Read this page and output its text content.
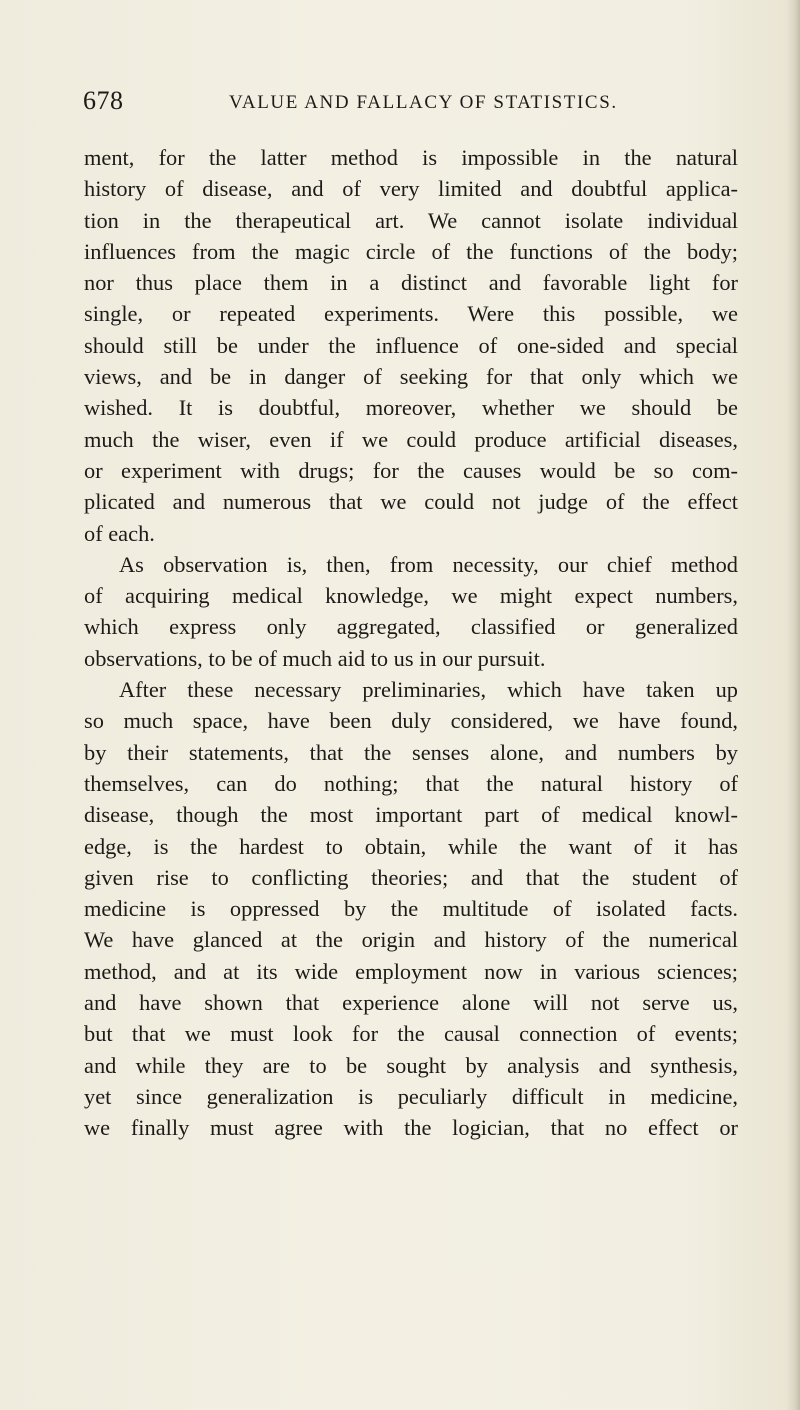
678	VALUE AND FALLACY OF STATISTICS.
ment, for the latter method is impossible in the natural
history of disease, and of very limited and doubtful applica-
tion in the therapeutical art. We cannot isolate individual
influences from the magic circle of the functions of the body;
nor thus place them in a distinct and favorable light for
single, or repeated experiments. Were this possible, we
should still be under the influence of one-sided and special
views, and be in danger of seeking for that only which we
wished. It is doubtful, moreover, whether we should be
much the wiser, even if we could produce artificial diseases,
or experiment with drugs; for the causes would be so com-
plicated and numerous that we could not judge of the effect
of each.
As observation is, then, from necessity, our chief method
of acquiring medical knowledge, we might expect numbers,
which express only aggregated, classified or generalized
observations, to be of much aid to us in our pursuit.
After these necessary preliminaries, which have taken up
so much space, have been duly considered, we have found,
by their statements, that the senses alone, and numbers by
themselves, can do nothing; that the natural history of
disease, though the most important part of medical knowl-
edge, is the hardest to obtain, while the want of it has
given rise to conflicting theories; and that the student of
medicine is oppressed by the multitude of isolated facts.
We have glanced at the origin and history of the numerical
method, and at its wide employment now in various sciences;
and have shown that experience alone will not serve us,
but that we must look for the causal connection of events;
and while they are to be sought by analysis and synthesis,
yet since generalization is peculiarly difficult in medicine,
we finally must agree with the logician, that no effect or
